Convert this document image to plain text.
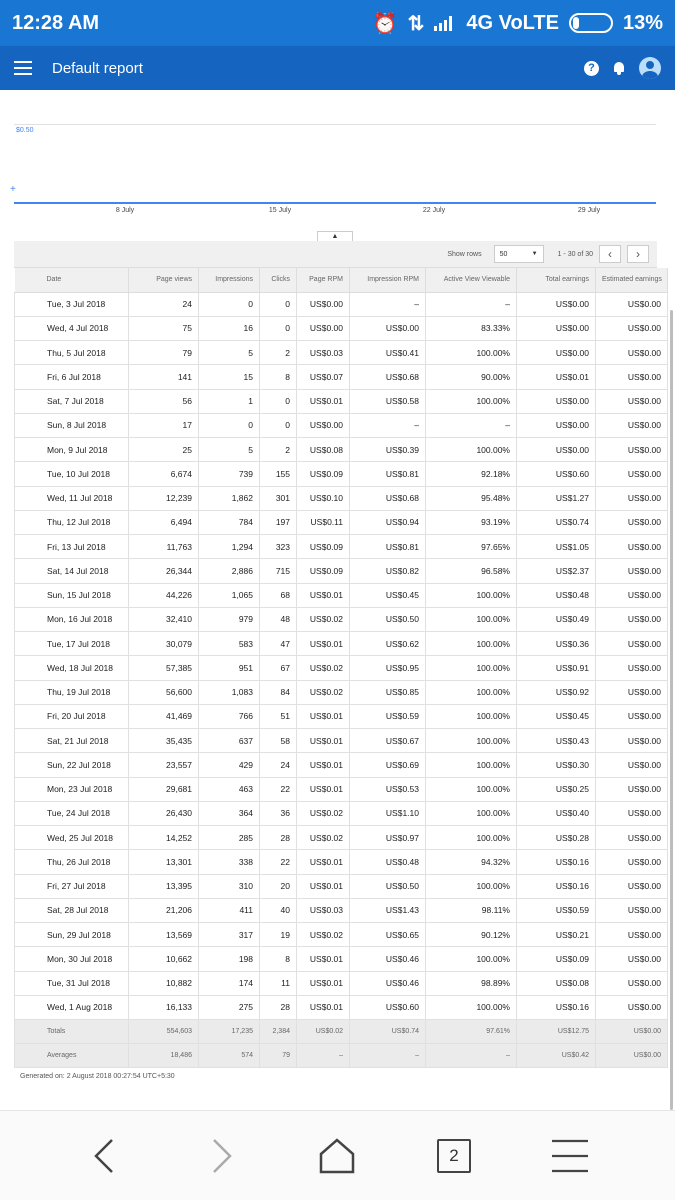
12:28 AM	⏰ ⇅ 4G VoLTE	13%
Default report	?
$0.50
+
8 July	15 July	22 July	29 July
▲
Show rows	50	▼	1 - 30 of 30 ‹ ›
Date	Page views	Impressions	Clicks	Page RPM	Impression RPM	Active View Viewable	Total earnings	Estimated earnings
Tue, 3 Jul 2018	24	0	0	US$0.00	–	–	US$0.00	US$0.00
Wed, 4 Jul 2018	75	16	0	US$0.00	US$0.00	83.33%	US$0.00	US$0.00
Thu, 5 Jul 2018	79	5	2	US$0.03	US$0.41	100.00%	US$0.00	US$0.00
Fri, 6 Jul 2018	141	15	8	US$0.07	US$0.68	90.00%	US$0.01	US$0.00
Sat, 7 Jul 2018	56	1	0	US$0.01	US$0.58	100.00%	US$0.00	US$0.00
Sun, 8 Jul 2018	17	0	0	US$0.00	–	–	US$0.00	US$0.00
Mon, 9 Jul 2018	25	5	2	US$0.08	US$0.39	100.00%	US$0.00	US$0.00
Tue, 10 Jul 2018	6,674	739	155	US$0.09	US$0.81	92.18%	US$0.60	US$0.00
Wed, 11 Jul 2018	12,239	1,862	301	US$0.10	US$0.68	95.48%	US$1.27	US$0.00
Thu, 12 Jul 2018	6,494	784	197	US$0.11	US$0.94	93.19%	US$0.74	US$0.00
Fri, 13 Jul 2018	11,763	1,294	323	US$0.09	US$0.81	97.65%	US$1.05	US$0.00
Sat, 14 Jul 2018	26,344	2,886	715	US$0.09	US$0.82	96.58%	US$2.37	US$0.00
Sun, 15 Jul 2018	44,226	1,065	68	US$0.01	US$0.45	100.00%	US$0.48	US$0.00
Mon, 16 Jul 2018	32,410	979	48	US$0.02	US$0.50	100.00%	US$0.49	US$0.00
Tue, 17 Jul 2018	30,079	583	47	US$0.01	US$0.62	100.00%	US$0.36	US$0.00
Wed, 18 Jul 2018	57,385	951	67	US$0.02	US$0.95	100.00%	US$0.91	US$0.00
Thu, 19 Jul 2018	56,600	1,083	84	US$0.02	US$0.85	100.00%	US$0.92	US$0.00
Fri, 20 Jul 2018	41,469	766	51	US$0.01	US$0.59	100.00%	US$0.45	US$0.00
Sat, 21 Jul 2018	35,435	637	58	US$0.01	US$0.67	100.00%	US$0.43	US$0.00
Sun, 22 Jul 2018	23,557	429	24	US$0.01	US$0.69	100.00%	US$0.30	US$0.00
Mon, 23 Jul 2018	29,681	463	22	US$0.01	US$0.53	100.00%	US$0.25	US$0.00
Tue, 24 Jul 2018	26,430	364	36	US$0.02	US$1.10	100.00%	US$0.40	US$0.00
Wed, 25 Jul 2018	14,252	285	28	US$0.02	US$0.97	100.00%	US$0.28	US$0.00
Thu, 26 Jul 2018	13,301	338	22	US$0.01	US$0.48	94.32%	US$0.16	US$0.00
Fri, 27 Jul 2018	13,395	310	20	US$0.01	US$0.50	100.00%	US$0.16	US$0.00
Sat, 28 Jul 2018	21,206	411	40	US$0.03	US$1.43	98.11%	US$0.59	US$0.00
Sun, 29 Jul 2018	13,569	317	19	US$0.02	US$0.65	90.12%	US$0.21	US$0.00
Mon, 30 Jul 2018	10,662	198	8	US$0.01	US$0.46	100.00%	US$0.09	US$0.00
Tue, 31 Jul 2018	10,882	174	11	US$0.01	US$0.46	98.89%	US$0.08	US$0.00
Wed, 1 Aug 2018	16,133	275	28	US$0.01	US$0.60	100.00%	US$0.16	US$0.00
Totals	554,603	17,235	2,384	US$0.02	US$0.74	97.61%	US$12.75	US$0.00
Averages	18,486	574	79	–	–	–	US$0.42	US$0.00
Generated on: 2 August 2018 00:27:54 UTC+5:30
2
